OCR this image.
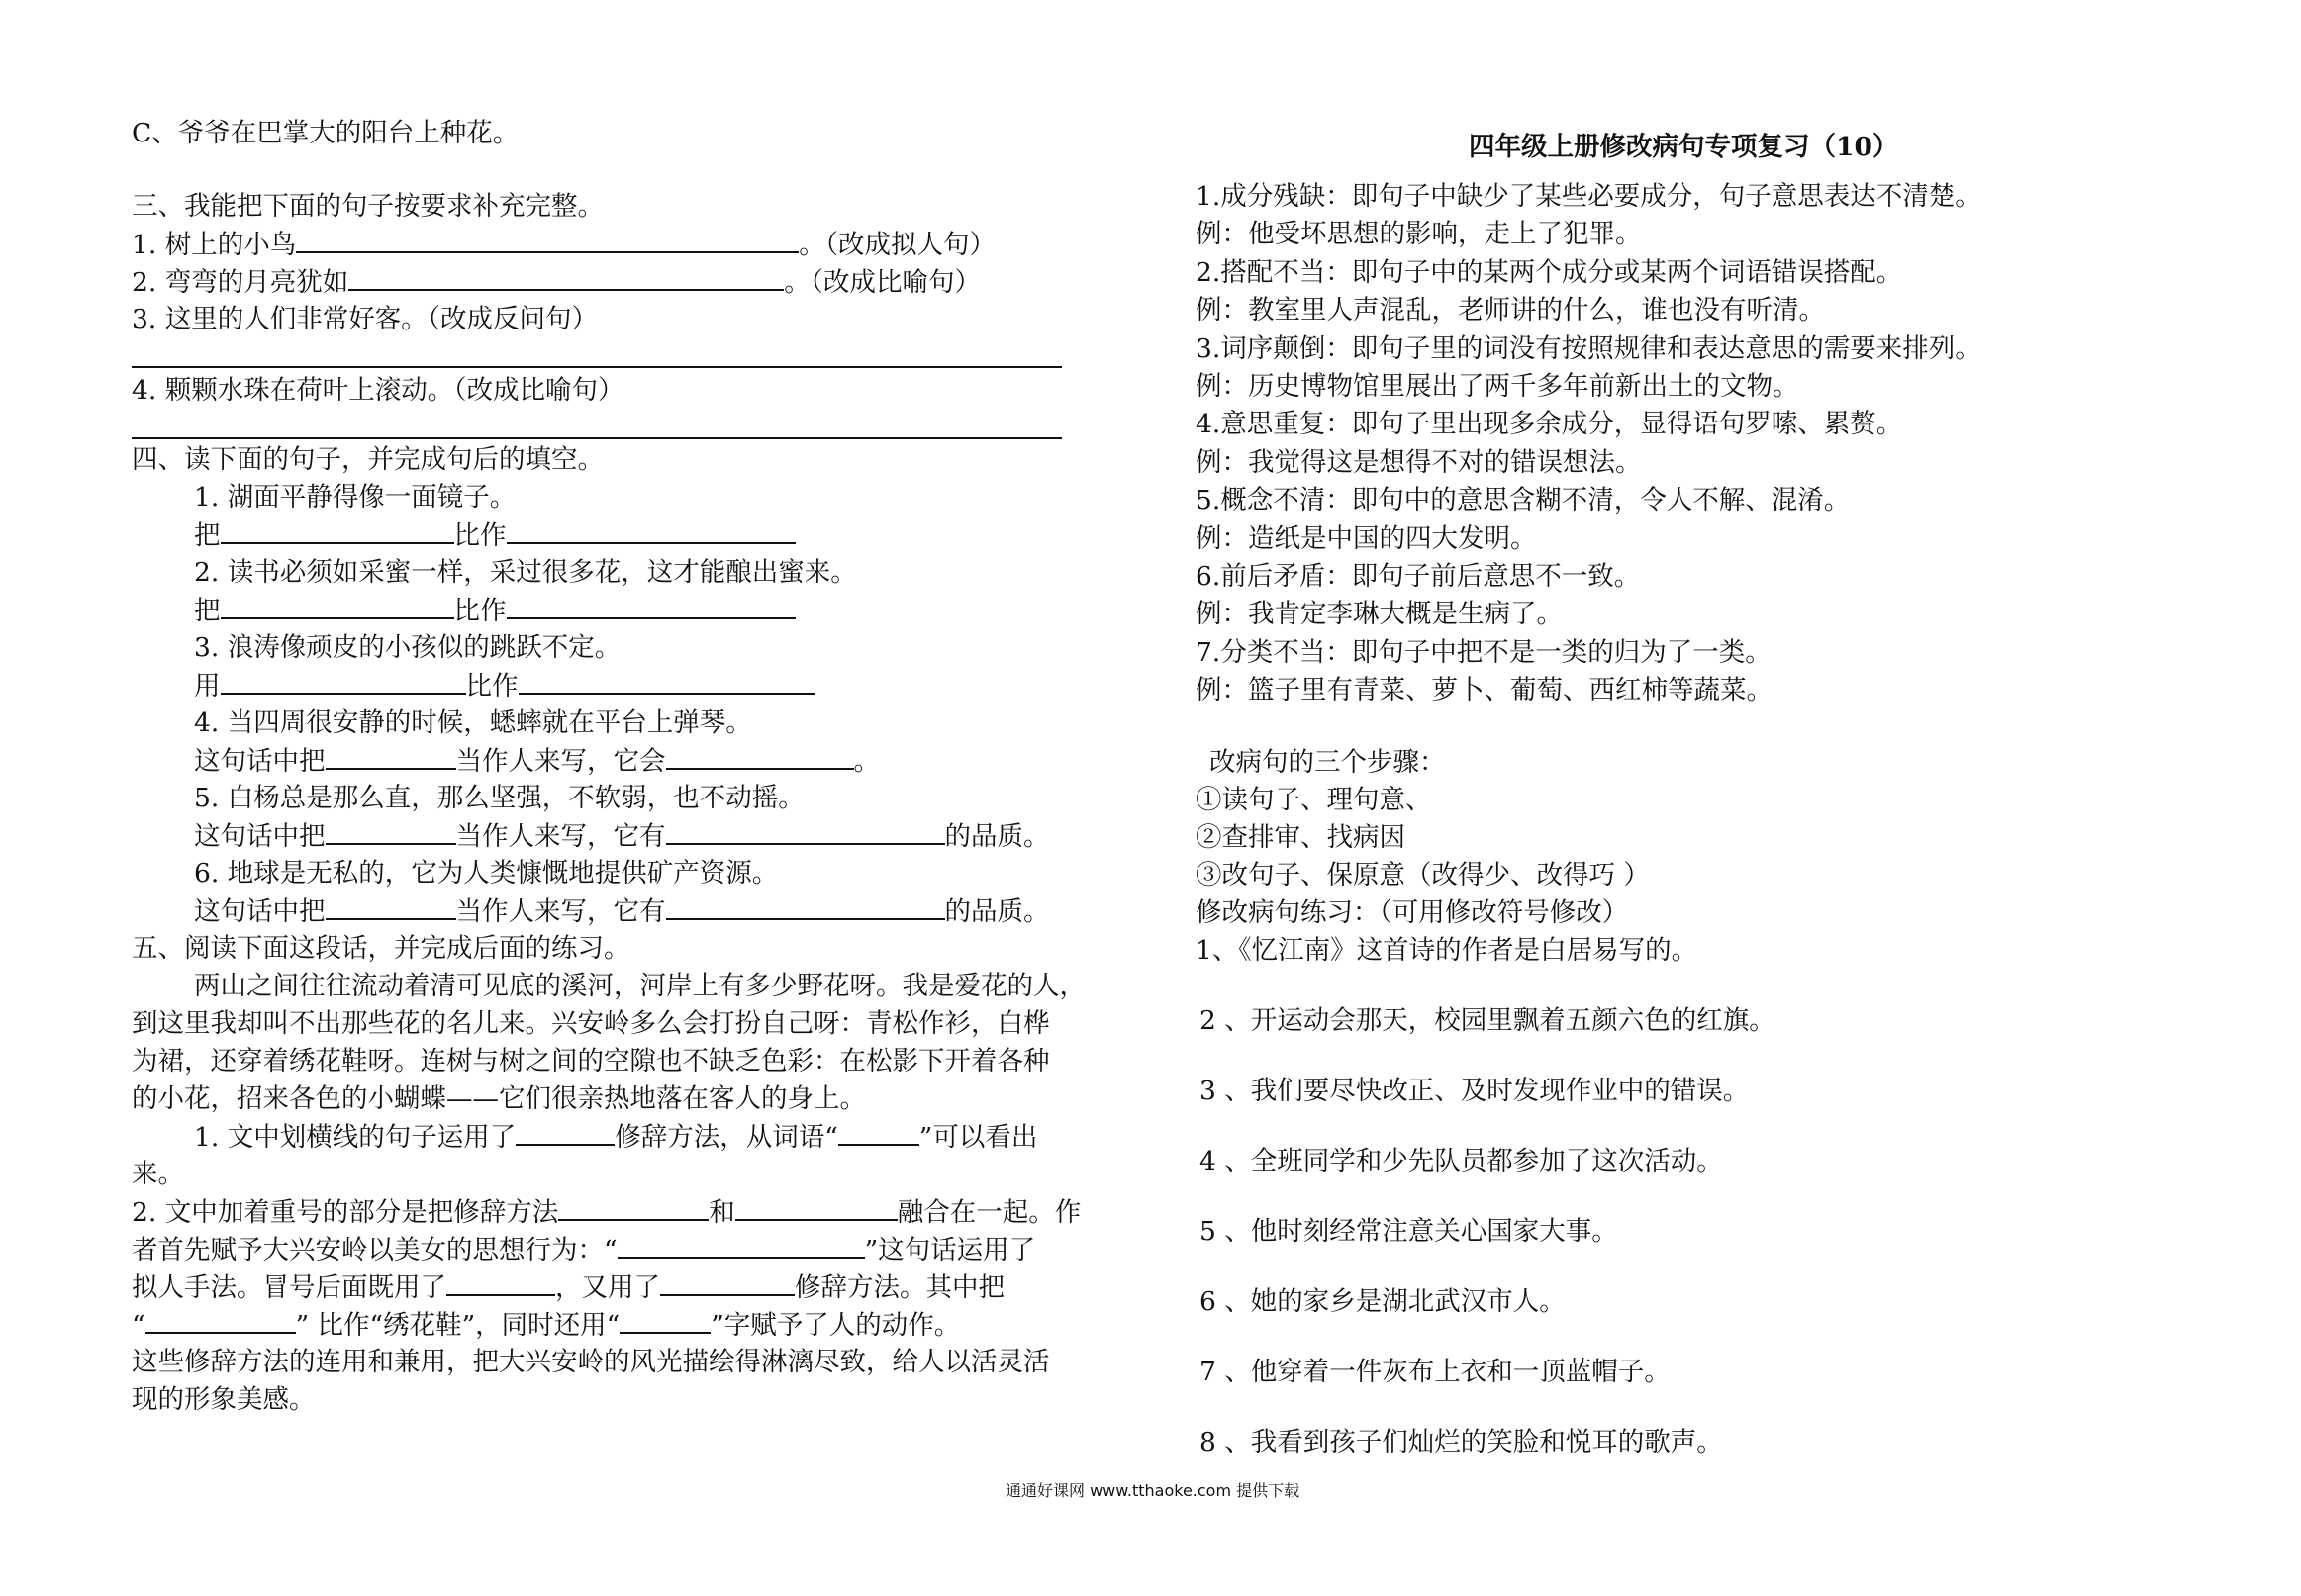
C、爷爷在巴掌大的阳台上种花。
三、我能把下面的句子按要求补充完整。
1. 树上的小鸟	。（改成拟人句）
2. 弯弯的月亮犹如	。（改成比喻句）
3. 这里的人们非常好客。（改成反问句）
4. 颗颗水珠在荷叶上滚动。（改成比喻句）
四、读下面的句子，并完成句后的填空。
1. 湖面平静得像一面镜子。
把	比作
2. 读书必须如采蜜一样，采过很多花，这才能酿出蜜来。
把	比作
3. 浪涛像顽皮的小孩似的跳跃不定。
用	比作
4. 当四周很安静的时候，蟋蟀就在平台上弹琴。
这句话中把	当作人来写，它会	。
5. 白杨总是那么直，那么坚强，不软弱，也不动摇。
这句话中把	当作人来写，它有	的品质。
6. 地球是无私的，它为人类慷慨地提供矿产资源。
这句话中把	当作人来写，它有	的品质。
五、阅读下面这段话，并完成后面的练习。
两山之间往往流动着清可见底的溪河，河岸上有多少野花呀。我是爱花的人，
到这里我却叫不出那些花的名儿来。兴安岭多么会打扮自己呀：青松作衫，白桦
为裙，还穿着绣花鞋呀。连树与树之间的空隙也不缺乏色彩：在松影下开着各种
的小花，招来各色的小蝴蝶——它们很亲热地落在客人的身上。
1. 文中划横线的句子运用了	修辞方法，从词语“	”可以看出
来。
2. 文中加着重号的部分是把修辞方法	和	融合在一起。作
者首先赋予大兴安岭以美女的思想行为：“	”这句话运用了
拟人手法。冒号后面既用了	，又用了	修辞方法。其中把
“	” 比作“绣花鞋”，同时还用“	”字赋予了人的动作。
这些修辞方法的连用和兼用，把大兴安岭的风光描绘得淋漓尽致，给人以活灵活
现的形象美感。
四年级上册修改病句专项复习（10）
1.成分残缺：即句子中缺少了某些必要成分，句子意思表达不清楚。
例：他受坏思想的影响，走上了犯罪。
2.搭配不当：即句子中的某两个成分或某两个词语错误搭配。
例：教室里人声混乱，老师讲的什么，谁也没有听清。
3.词序颠倒：即句子里的词没有按照规律和表达意思的需要来排列。
例：历史博物馆里展出了两千多年前新出土的文物。
4.意思重复：即句子里出现多余成分，显得语句罗嗦、累赘。
例：我觉得这是想得不对的错误想法。
5.概念不清：即句中的意思含糊不清，令人不解、混淆。
例：造纸是中国的四大发明。
6.前后矛盾：即句子前后意思不一致。
例：我肯定李琳大概是生病了。
7.分类不当：即句子中把不是一类的归为了一类。
例：篮子里有青菜、萝卜、葡萄、西红柿等蔬菜。
改病句的三个步骤：
①读句子、理句意、
②查排审、找病因
③改句子、保原意（改得少、改得巧 ）
修改病句练习：（可用修改符号修改）
1、《忆江南》这首诗的作者是白居易写的。
2 、开运动会那天，校园里飘着五颜六色的红旗。
3 、我们要尽快改正、及时发现作业中的错误。
4 、全班同学和少先队员都参加了这次活动。
5 、他时刻经常注意关心国家大事。
6 、她的家乡是湖北武汉市人。
7 、他穿着一件灰布上衣和一顶蓝帽子。
8 、我看到孩子们灿烂的笑脸和悦耳的歌声。
通通好课网 www.tthaoke.com 提供下载
